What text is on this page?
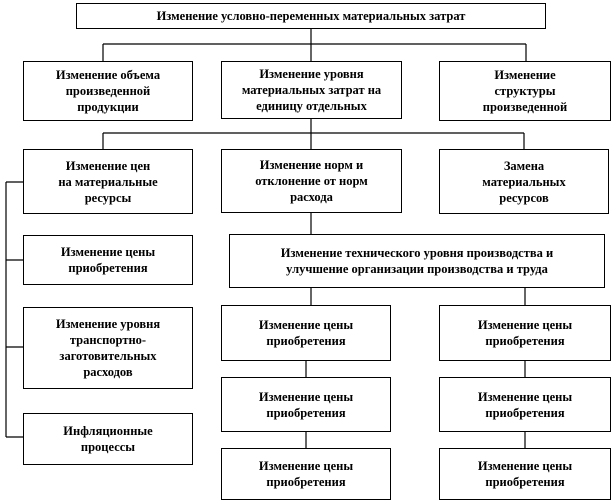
Изменение условно-переменных материальных затрат
Изменение объема
произведенной
продукции
Изменение уровня
материальных затрат на
единицу отдельных
Изменение
структуры
произведенной
Изменение цен
на материальные
ресурсы
Изменение норм и
отклонение от норм
расхода
Замена
материальных
ресурсов
Изменение цены
приобретения
Изменение уровня
транспортно-
заготовительных
расходов
Инфляционные
процессы
Изменение технического уровня производства и
улучшение организации производства и труда
Изменение цены
приобретения
Изменение цены
приобретения
Изменение цены
приобретения
Изменение цены
приобретения
Изменение цены
приобретения
Изменение цены
приобретения
